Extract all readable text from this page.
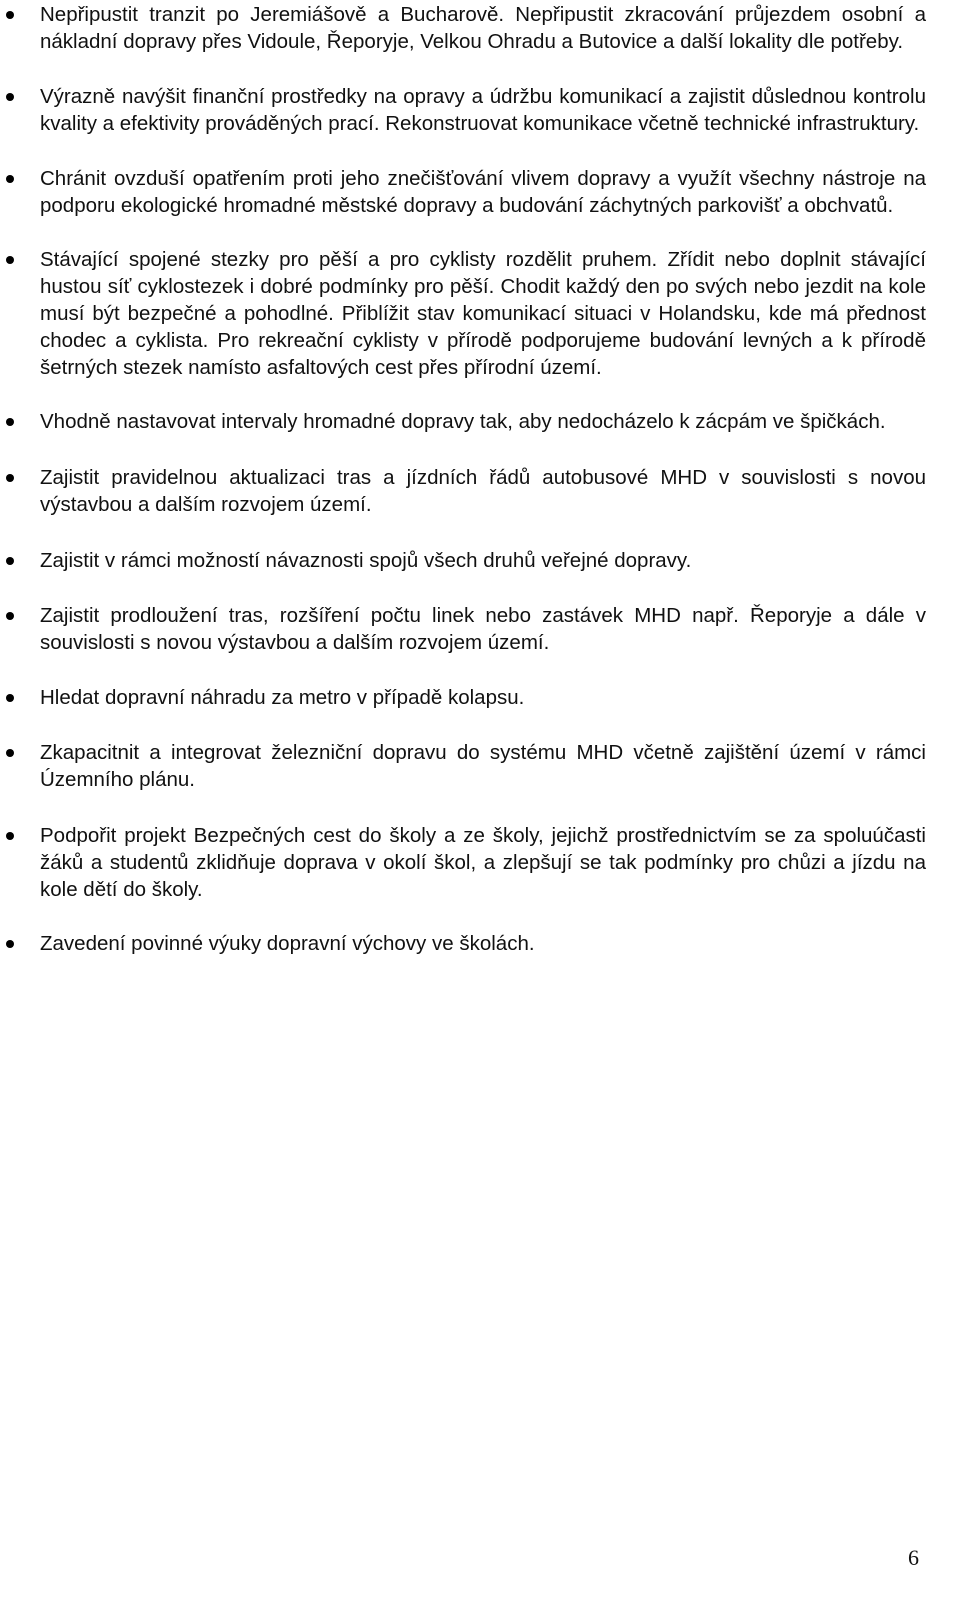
Nepřipustit tranzit po Jeremiášově a Bucharově. Nepřipustit zkracování průjezdem osobní a nákladní dopravy přes Vidoule, Řeporyje, Velkou Ohradu a Butovice a další lokality dle potřeby.
Výrazně navýšit finanční prostředky na opravy a údržbu komunikací a zajistit důslednou kontrolu kvality a efektivity prováděných prací. Rekonstruovat komunikace včetně technické infrastruktury.
Chránit ovzduší opatřením proti jeho znečišťování vlivem dopravy a využít všechny nástroje na podporu ekologické hromadné městské dopravy a budování záchytných parkovišť a obchvatů.
Stávající spojené stezky pro pěší a pro cyklisty rozdělit pruhem. Zřídit nebo doplnit stávající hustou síť cyklostezek i dobré podmínky pro pěší. Chodit každý den po svých nebo jezdit na kole musí být bezpečné a pohodlné. Přiblížit stav komunikací situaci v Holandsku, kde má přednost chodec a cyklista. Pro rekreační cyklisty v přírodě podporujeme budování levných a k přírodě šetrných stezek namísto asfaltových cest přes přírodní území.
Vhodně nastavovat intervaly hromadné dopravy tak, aby nedocházelo k zácpám ve špičkách.
Zajistit pravidelnou aktualizaci tras a jízdních řádů autobusové MHD v souvislosti s novou výstavbou a dalším rozvojem území.
Zajistit v rámci možností návaznosti spojů všech druhů veřejné dopravy.
Zajistit prodloužení tras, rozšíření počtu linek nebo zastávek MHD např. Řeporyje a dále v souvislosti s novou výstavbou a dalším rozvojem území.
Hledat dopravní náhradu za metro v případě kolapsu.
Zkapacitnit a integrovat železniční dopravu do systému MHD včetně zajištění území v rámci Územního plánu.
Podpořit projekt Bezpečných cest do školy a ze školy, jejichž prostřednictvím se za spoluúčasti žáků a studentů zklidňuje doprava v okolí škol, a zlepšují se tak podmínky pro chůzi a jízdu na kole dětí do školy.
Zavedení povinné výuky dopravní výchovy ve školách.
6
